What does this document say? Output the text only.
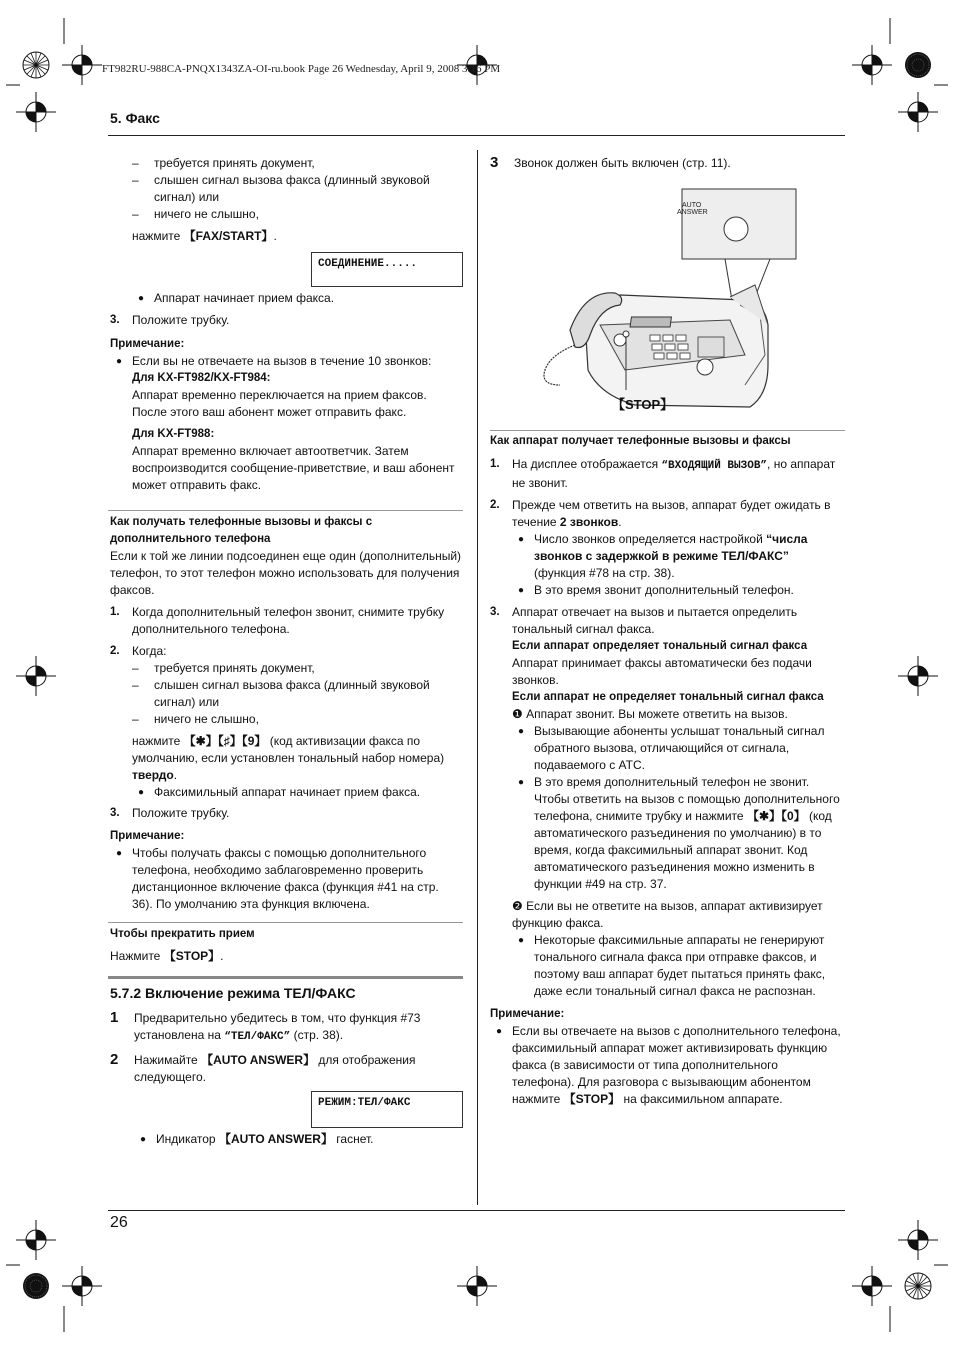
FT982RU-988CA-PNQX1343ZA-OI-ru.book Page 26 Wednesday, April 9, 2008 3:16 PM
5. Факс
– требуется принять документ,
– слышен сигнал вызова факса (длинный звуковой
сигнал) или
– ничего не слышно,
нажмите 【FAX/START】.
СОЕДИНЕНИЕ.....
● Аппарат начинает прием факса.
3. Положите трубку.
Примечание:
● Если вы не отвечаете на вызов в течение 10 звонков:
Для KX-FT982/KX-FT984:
Аппарат временно переключается на прием факсов.
После этого ваш абонент может отправить факс.
Для KX-FT988:
Аппарат временно включает автоответчик. Затем
воспроизводится сообщение-приветствие, и ваш абонент
может отправить факс.
Как получать телефонные вызовы и факсы с
дополнительного телефона
Если к той же линии подсоединен еще один (дополнительный)
телефон, то этот телефон можно использовать для получения
факсов.
1. Когда дополнительный телефон звонит, снимите трубку
дополнительного телефона.
2. Когда:
– требуется принять документ,
– слышен сигнал вызова факса (длинный звуковой
сигнал) или
– ничего не слышно,
нажмите 【✱】【♯】【9】 (код активизации факса по
умолчанию, если установлен тональный набор номера)
твердо.
● Факсимильный аппарат начинает прием факса.
3. Положите трубку.
Примечание:
● Чтобы получать факсы с помощью дополнительного
телефона, необходимо заблаговременно проверить
дистанционное включение факса (функция #41 на стр.
36). По умолчанию эта функция включена.
Чтобы прекратить прием
Нажмите 【STOP】.
5.7.2 Включение режима ТЕЛ/ФАКС
1 Предварительно убедитесь в том, что функция #73
установлена на “ТЕЛ/ФАКС” (стр. 38).
2 Нажимайте 【AUTO ANSWER】 для отображения
следующего.
РЕЖИМ:ТЕЛ/ФАКС
● Индикатор 【AUTO ANSWER】 гаснет.
3 Звонок должен быть включен (стр. 11).
AUTO
ANSWER
【STOP】
Как аппарат получает телефонные вызовы и факсы
1. На дисплее отображается “ВХОДЯЩИЙ ВЫЗОВ”, но аппарат
не звонит.
2. Прежде чем ответить на вызов, аппарат будет ожидать в
течение 2 звонков.
● Число звонков определяется настройкой “числа
звонков с задержкой в режиме ТЕЛ/ФАКС”
(функция #78 на стр. 38).
● В это время звонит дополнительный телефон.
3. Аппарат отвечает на вызов и пытается определить
тональный сигнал факса.
Если аппарат определяет тональный сигнал факса
Аппарат принимает факсы автоматически без подачи
звонков.
Если аппарат не определяет тональный сигнал факса
❶ Аппарат звонит. Вы можете ответить на вызов.
● Вызывающие абоненты услышат тональный сигнал
обратного вызова, отличающийся от сигнала,
подаваемого с АТС.
● В это время дополнительный телефон не звонит.
Чтобы ответить на вызов с помощью дополнительного
телефона, снимите трубку и нажмите 【✱】【0】 (код
автоматического разъединения по умолчанию) в то
время, когда факсимильный аппарат звонит. Код
автоматического разъединения можно изменить в
функции #49 на стр. 37.
❷ Если вы не ответите на вызов, аппарат активизирует
функцию факса.
● Некоторые факсимильные аппараты не генерируют
тонального сигнала факса при отправке факсов, и
поэтому ваш аппарат будет пытаться принять факс,
даже если тональный сигнал факса не распознан.
Примечание:
● Если вы отвечаете на вызов с дополнительного телефона,
факсимильный аппарат может активизировать функцию
факса (в зависимости от типа дополнительного
телефона). Для разговора с вызывающим абонентом
нажмите 【STOP】 на факсимильном аппарате.
26
